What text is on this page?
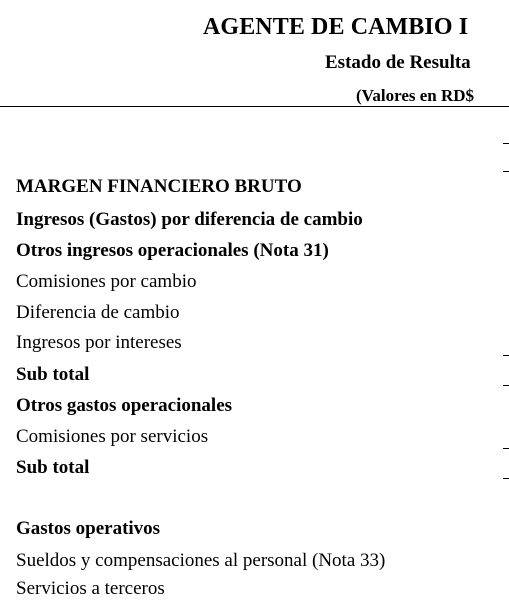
AGENTE DE CAMBIO I
Estado de Resulta
(Valores en RD$
MARGEN FINANCIERO BRUTO
Ingresos (Gastos) por diferencia de cambio
Otros ingresos operacionales (Nota 31)
Comisiones por cambio
Diferencia de cambio
Ingresos por intereses
Sub total
Otros gastos operacionales
Comisiones por servicios
Sub total
Gastos operativos
Sueldos y compensaciones al personal (Nota 33)
Servicios a terceros
